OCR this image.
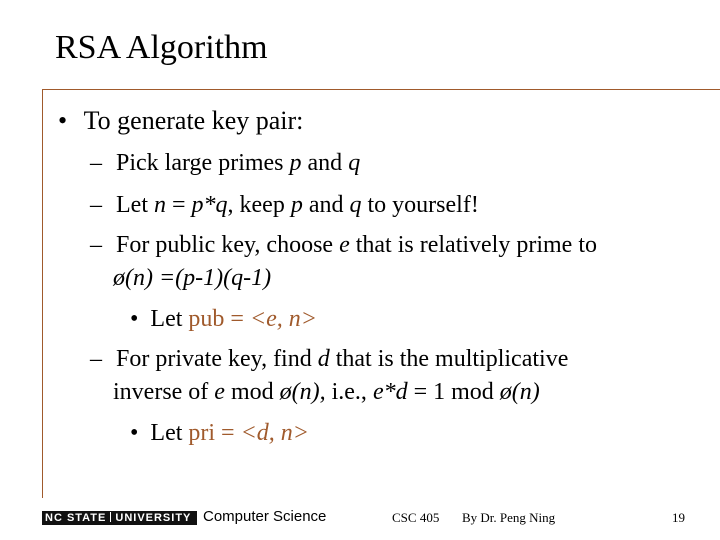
RSA Algorithm
• To generate key pair:
– Pick large primes p and q
– Let n = p*q, keep p and q to yourself!
– For public key, choose e that is relatively prime to
ø(n) =(p-1)(q-1)
• Let pub = <e, n>
– For private key, find d that is the multiplicative
inverse of e mod ø(n), i.e., e*d = 1 mod ø(n)
• Let pri = <d, n>
NC STATE UNIVERSITY Computer Science	CSC 405 By Dr. Peng Ning	19
